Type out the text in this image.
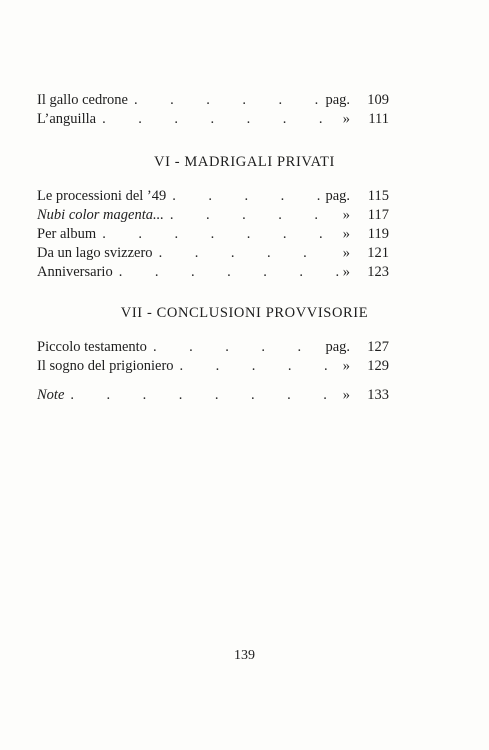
Il gallo cedrone .	pag.	109
L’anguilla .	»	111
VI - MADRIGALI PRIVATI
Le processioni del ’49 .	pag.	115
Nubi color magenta... .	»	117
Per album .	»	119
Da un lago svizzero .	»	121
Anniversario .	»	123
VII - CONCLUSIONI PROVVISORIE
Piccolo testamento .	pag.	127
Il sogno del prigioniero .	»	129
Note .	»	133
139
